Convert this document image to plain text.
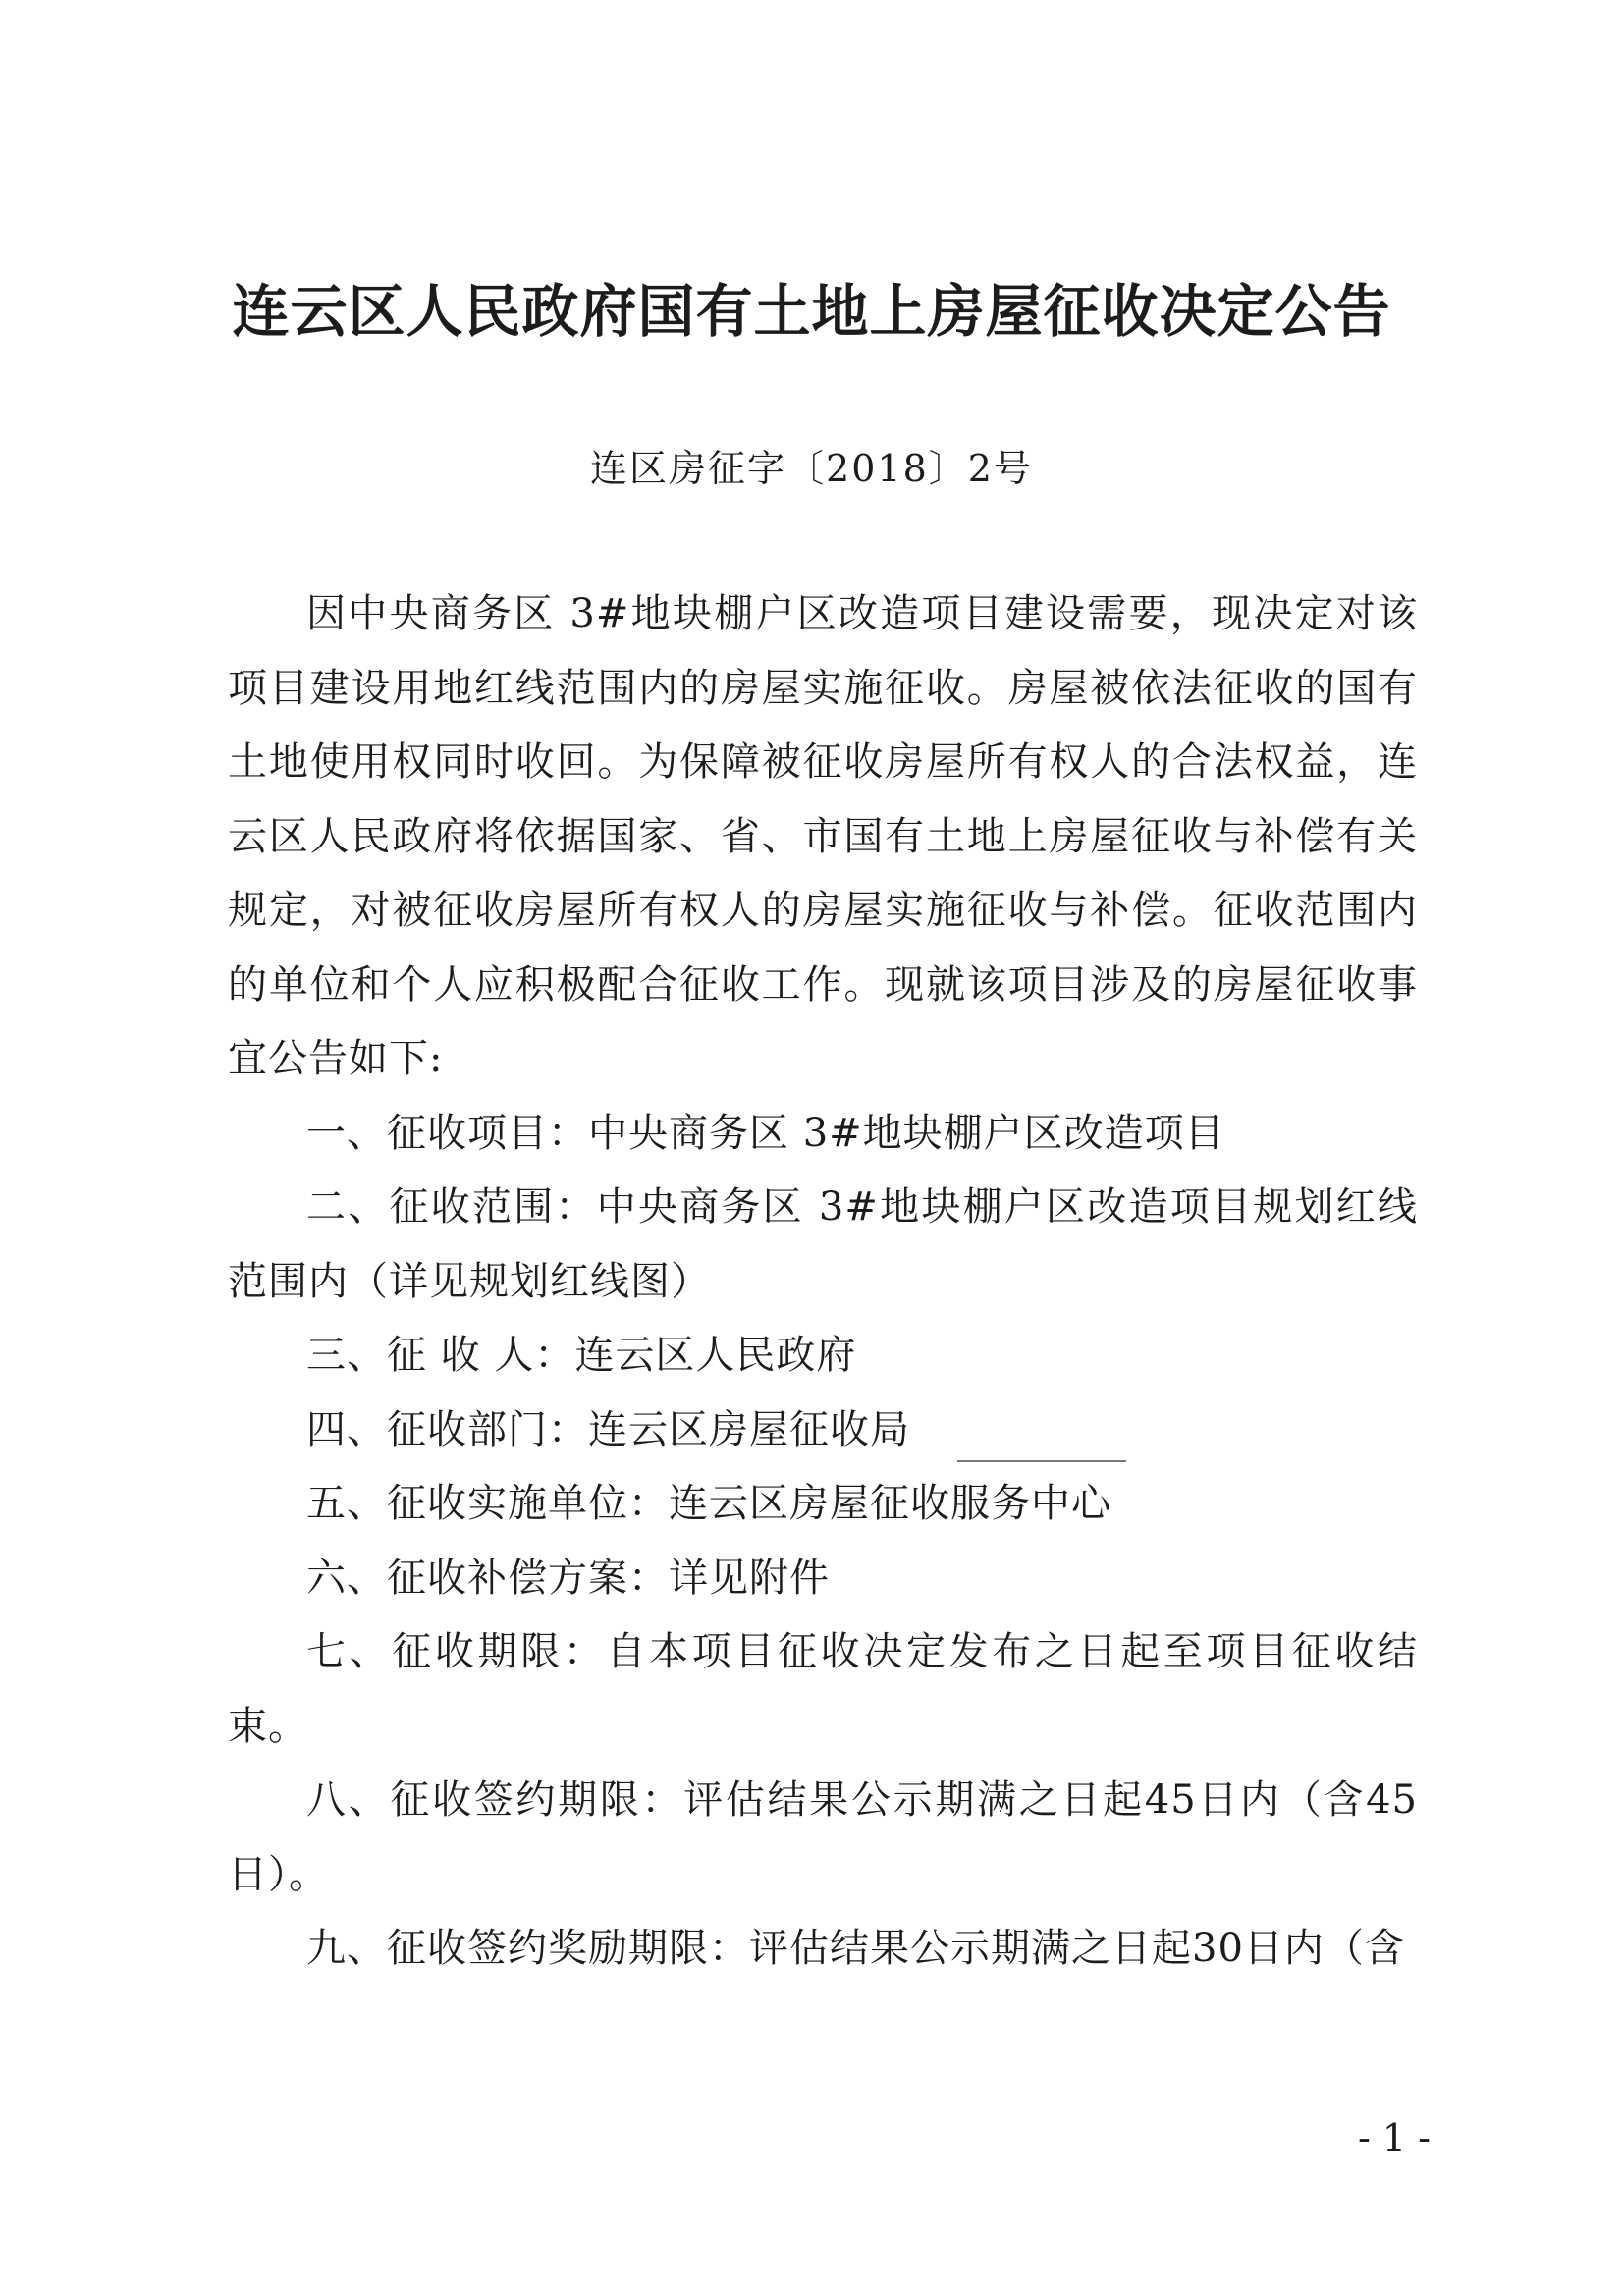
连云区人民政府国有土地上房屋征收决定公告
连区房征字〔2018〕2号

因中央商务区 3#地块棚户区改造项目建设需要，现决定对该项目建设用地红线范围内的房屋实施征收。房屋被依法征收的国有土地使用权同时收回。为保障被征收房屋所有权人的合法权益，连云区人民政府将依据国家、省、市国有土地上房屋征收与补偿有关规定，对被征收房屋所有权人的房屋实施征收与补偿。征收范围内的单位和个人应积极配合征收工作。现就该项目涉及的房屋征收事宜公告如下:

一、征收项目：中央商务区 3#地块棚户区改造项目

二、征收范围：中央商务区 3#地块棚户区改造项目规划红线范围内（详见规划红线图）

三、征 收 人：连云区人民政府

四、征收部门：连云区房屋征收局

五、征收实施单位：连云区房屋征收服务中心

六、征收补偿方案：详见附件

七、征收期限：自本项目征收决定发布之日起至项目征收结束。

八、征收签约期限：评估结果公示期满之日起45日内（含45日）。

九、征收签约奖励期限：评估结果公示期满之日起30日内（含

- 1 -
